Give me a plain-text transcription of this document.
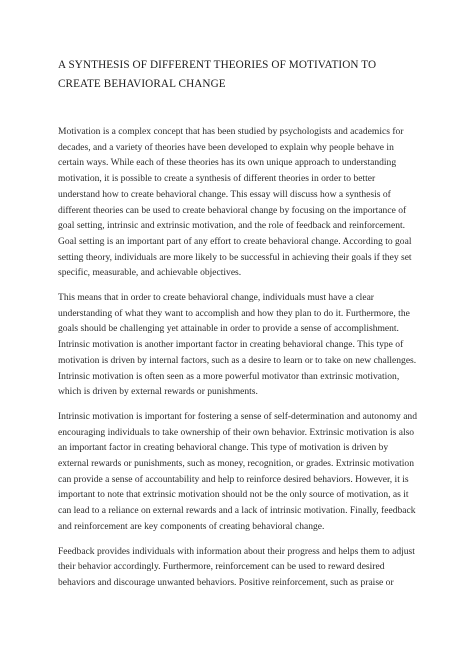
A SYNTHESIS OF DIFFERENT THEORIES OF MOTIVATION TO
CREATE BEHAVIORAL CHANGE

Motivation is a complex concept that has been studied by psychologists and academics for
decades, and a variety of theories have been developed to explain why people behave in
certain ways. While each of these theories has its own unique approach to understanding
motivation, it is possible to create a synthesis of different theories in order to better
understand how to create behavioral change. This essay will discuss how a synthesis of
different theories can be used to create behavioral change by focusing on the importance of
goal setting, intrinsic and extrinsic motivation, and the role of feedback and reinforcement.
Goal setting is an important part of any effort to create behavioral change. According to goal
setting theory, individuals are more likely to be successful in achieving their goals if they set
specific, measurable, and achievable objectives.

This means that in order to create behavioral change, individuals must have a clear
understanding of what they want to accomplish and how they plan to do it. Furthermore, the
goals should be challenging yet attainable in order to provide a sense of accomplishment.
Intrinsic motivation is another important factor in creating behavioral change. This type of
motivation is driven by internal factors, such as a desire to learn or to take on new challenges.
Intrinsic motivation is often seen as a more powerful motivator than extrinsic motivation,
which is driven by external rewards or punishments.

Intrinsic motivation is important for fostering a sense of self-determination and autonomy and
encouraging individuals to take ownership of their own behavior. Extrinsic motivation is also
an important factor in creating behavioral change. This type of motivation is driven by
external rewards or punishments, such as money, recognition, or grades. Extrinsic motivation
can provide a sense of accountability and help to reinforce desired behaviors. However, it is
important to note that extrinsic motivation should not be the only source of motivation, as it
can lead to a reliance on external rewards and a lack of intrinsic motivation. Finally, feedback
and reinforcement are key components of creating behavioral change.

Feedback provides individuals with information about their progress and helps them to adjust
their behavior accordingly. Furthermore, reinforcement can be used to reward desired
behaviors and discourage unwanted behaviors. Positive reinforcement, such as praise or
